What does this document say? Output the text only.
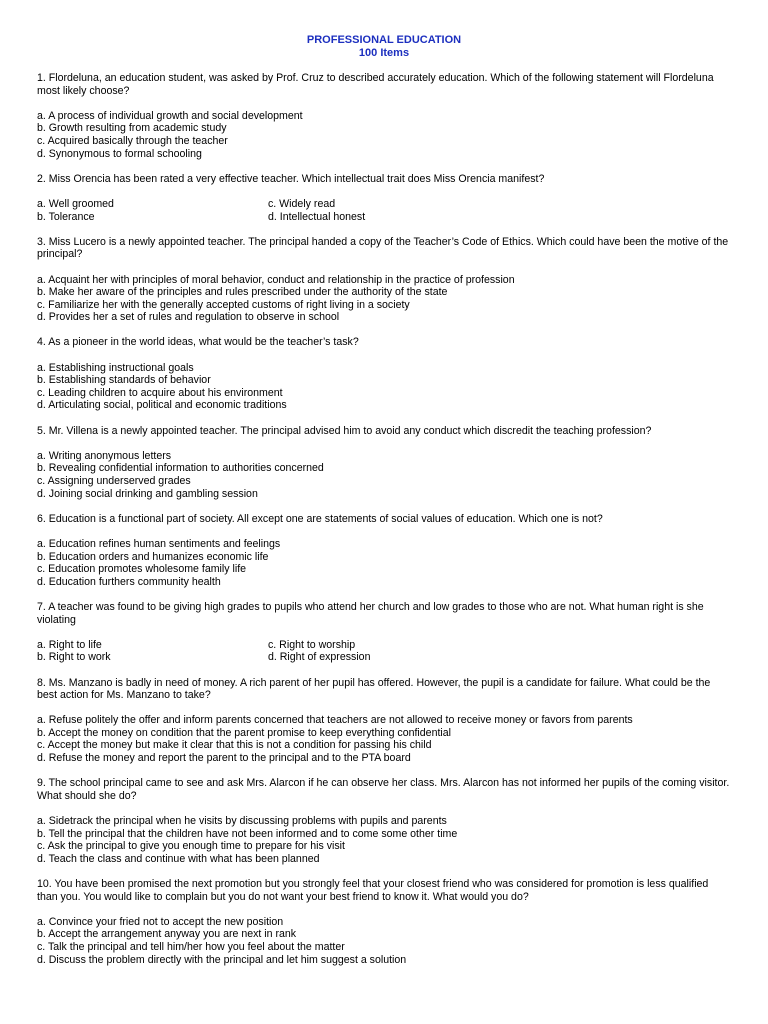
PROFESSIONAL EDUCATION
100 Items
1. Flordeluna, an education student, was asked by Prof. Cruz to described accurately education. Which of the following statement will Flordeluna most likely choose?
a. A process of individual growth and social development
b. Growth resulting from academic study
c. Acquired basically through the teacher
d. Synonymous to formal schooling
2. Miss Orencia has been rated a very effective teacher. Which intellectual trait does Miss Orencia manifest?
a. Well groomed	c. Widely read
b. Tolerance	d. Intellectual honest
3. Miss Lucero is a newly appointed teacher. The principal handed a copy of the Teacher’s Code of Ethics. Which could have been the motive of the principal?
a. Acquaint her with principles of moral behavior, conduct and relationship in the practice of profession
b. Make her aware of the principles and rules prescribed under the authority of the state
c. Familiarize her with the generally accepted customs of right living in a society
d. Provides her a set of rules and regulation to observe in school
4. As a pioneer in the world ideas, what would be the teacher’s task?
a. Establishing instructional goals
b. Establishing standards of behavior
c. Leading children to acquire about his environment
d. Articulating social, political and economic traditions
5. Mr. Villena is a newly appointed teacher. The principal advised him to avoid any conduct which discredit the teaching profession?
a. Writing anonymous letters
b. Revealing confidential information to authorities concerned
c. Assigning underserved grades
d. Joining social drinking and gambling session
6. Education is a functional part of society. All except one are statements of social values of education. Which one is not?
a. Education refines human sentiments and feelings
b. Education orders and humanizes economic life
c. Education promotes wholesome family life
d. Education furthers community health
7. A teacher was found to be giving high grades to pupils who attend her church and low grades to those who are not. What human right is she violating
a. Right to life	c. Right to worship
b. Right to work	d. Right of expression
8. Ms. Manzano is badly in need of money. A rich parent of her pupil has offered. However, the pupil is a candidate for failure. What could be the best action for Ms. Manzano to take?
a. Refuse politely the offer and inform parents concerned that teachers are not allowed to receive money or favors from parents
b. Accept the money on condition that the parent promise to keep everything confidential
c. Accept the money but make it clear that this is not a condition for passing his child
d. Refuse the money and report the parent to the principal and to the PTA board
9. The school principal came to see and ask Mrs. Alarcon if he can observe her class. Mrs. Alarcon has not informed her pupils of the coming visitor. What should she do?
a. Sidetrack the principal when he visits by discussing problems with pupils and parents
b. Tell the principal that the children have not been informed and to come some other time
c. Ask the principal to give you enough time to prepare for his visit
d. Teach the class and continue with what has been planned
10. You have been promised the next promotion but you strongly feel that your closest friend who was considered for promotion is less qualified than you. You would like to complain but you do not want your best friend to know it. What would you do?
a. Convince your fried not to accept the new position
b. Accept the arrangement anyway you are next in rank
c. Talk the principal and tell him/her how you feel about the matter
d. Discuss the problem directly with the principal and let him suggest a solution
